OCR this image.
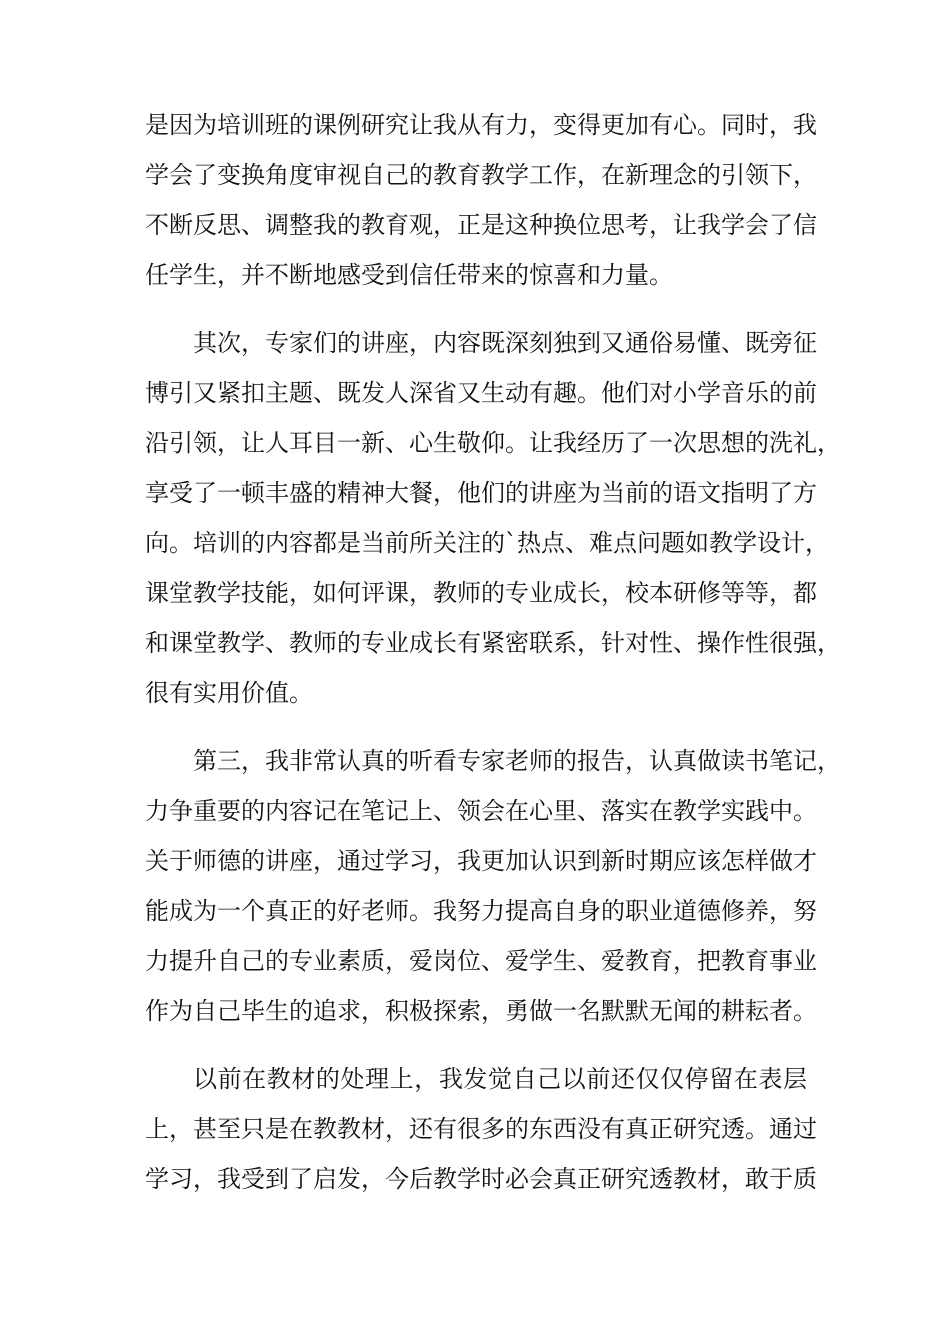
是因为培训班的课例研究让我从有力，变得更加有心。同时，我
学会了变换角度审视自己的教育教学工作，在新理念的引领下，
不断反思、调整我的教育观，正是这种换位思考，让我学会了信
任学生，并不断地感受到信任带来的惊喜和力量。
其次，专家们的讲座，内容既深刻独到又通俗易懂、既旁征
博引又紧扣主题、既发人深省又生动有趣。他们对小学音乐的前
沿引领，让人耳目一新、心生敬仰。让我经历了一次思想的洗礼，
享受了一顿丰盛的精神大餐，他们的讲座为当前的语文指明了方
向。培训的内容都是当前所关注的`热点、难点问题如教学设计，
课堂教学技能，如何评课，教师的专业成长，校本研修等等，都
和课堂教学、教师的专业成长有紧密联系，针对性、操作性很强，
很有实用价值。
第三，我非常认真的听看专家老师的报告，认真做读书笔记，
力争重要的内容记在笔记上、领会在心里、落实在教学实践中。
关于师德的讲座，通过学习，我更加认识到新时期应该怎样做才
能成为一个真正的好老师。我努力提高自身的职业道德修养，努
力提升自己的专业素质，爱岗位、爱学生、爱教育，把教育事业
作为自己毕生的追求，积极探索，勇做一名默默无闻的耕耘者。
以前在教材的处理上，我发觉自己以前还仅仅停留在表层
上，甚至只是在教教材，还有很多的东西没有真正研究透。通过
学习，我受到了启发，今后教学时必会真正研究透教材，敢于质
